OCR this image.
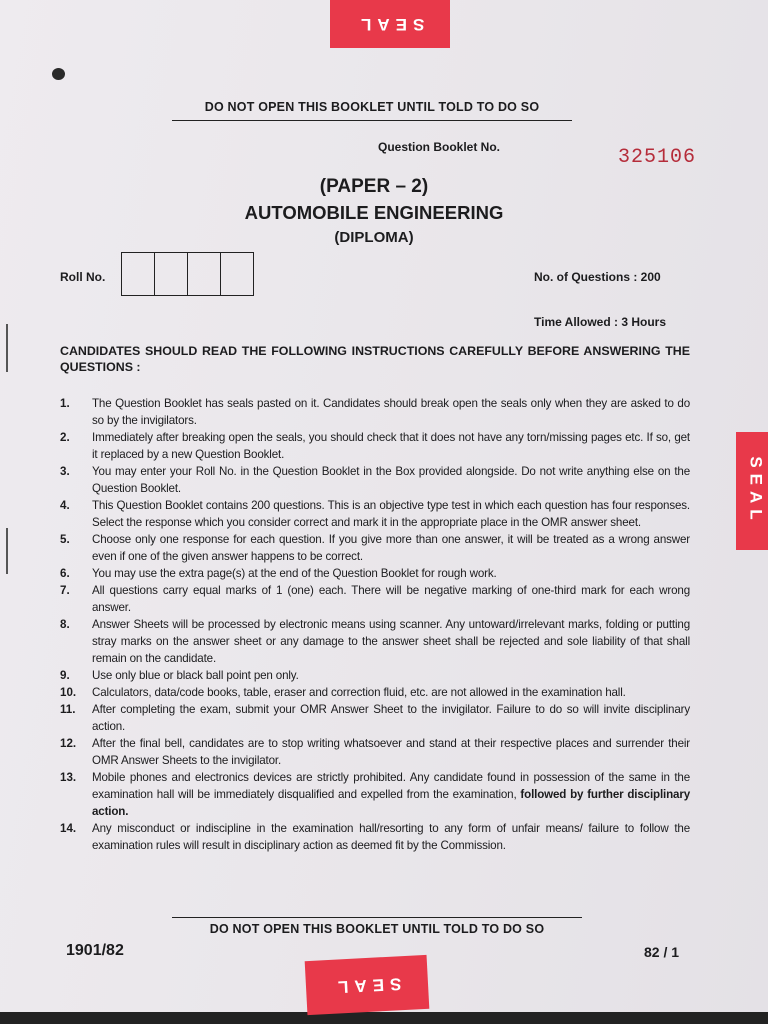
SEAL
SEAL
SEAL
DO NOT OPEN THIS BOOKLET UNTIL TOLD TO DO SO
Question Booklet No.	325106
(PAPER – 2)
AUTOMOBILE ENGINEERING
(DIPLOMA)
Roll No.	No. of Questions : 200
Time Allowed : 3 Hours
CANDIDATES SHOULD READ THE FOLLOWING INSTRUCTIONS CAREFULLY BEFORE ANSWERING THE QUESTIONS :
1.	The Question Booklet has seals pasted on it. Candidates should break open the seals only when they are asked to do so by the invigilators.
2.	Immediately after breaking open the seals, you should check that it does not have any torn/missing pages etc. If so, get it replaced by a new Question Booklet.
3.	You may enter your Roll No. in the Question Booklet in the Box provided alongside. Do not write anything else on the Question Booklet.
4.	This Question Booklet contains 200 questions. This is an objective type test in which each question has four responses. Select the response which you consider correct and mark it in the appropriate place in the OMR answer sheet.
5.	Choose only one response for each question. If you give more than one answer, it will be treated as a wrong answer even if one of the given answer happens to be correct.
6.	You may use the extra page(s) at the end of the Question Booklet for rough work.
7.	All questions carry equal marks of 1 (one) each. There will be negative marking of one-third mark for each wrong answer.
8.	Answer Sheets will be processed by electronic means using scanner. Any untoward/irrelevant marks, folding or putting stray marks on the answer sheet or any damage to the answer sheet shall be rejected and sole liability of that shall remain on the candidate.
9.	Use only blue or black ball point pen only.
10.	Calculators, data/code books, table, eraser and correction fluid, etc. are not allowed in the examination hall.
11.	After completing the exam, submit your OMR Answer Sheet to the invigilator. Failure to do so will invite disciplinary action.
12.	After the final bell, candidates are to stop writing whatsoever and stand at their respective places and surrender their OMR Answer Sheets to the invigilator.
13.	Mobile phones and electronics devices are strictly prohibited. Any candidate found in possession of the same in the examination hall will be immediately disqualified and expelled from the examination, followed by further disciplinary action.
14.	Any misconduct or indiscipline in the examination hall/resorting to any form of unfair means/ failure to follow the examination rules will result in disciplinary action as deemed fit by the Commission.
DO NOT OPEN THIS BOOKLET UNTIL TOLD TO DO SO
1901/82	82 / 1
